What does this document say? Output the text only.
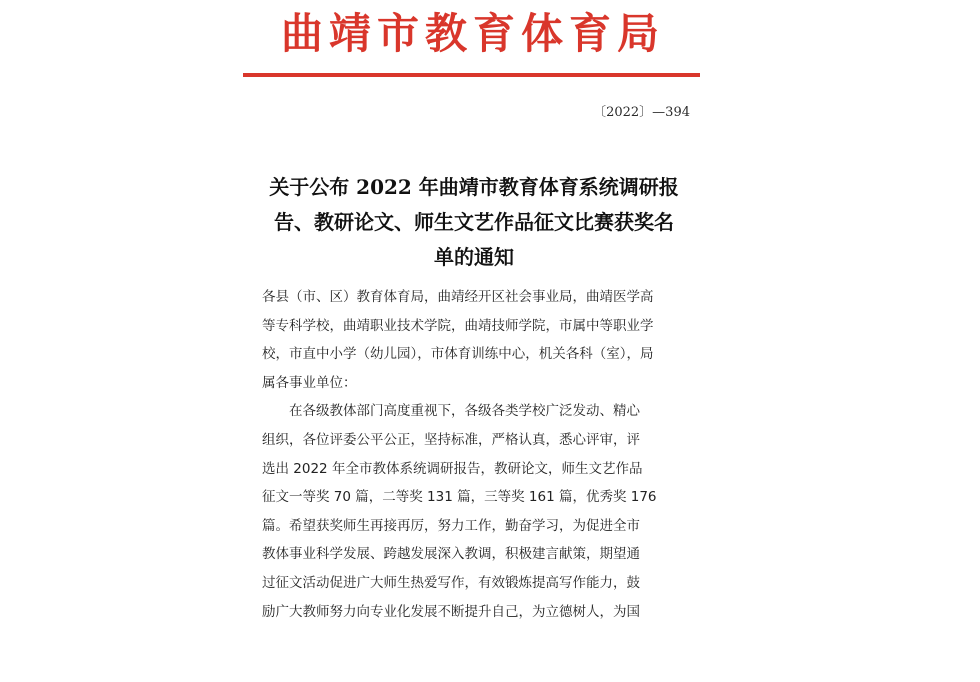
曲靖市教育体育局
〔2022〕—394
关于公布 2022 年曲靖市教育体育系统调研报
告、教研论文、师生文艺作品征文比赛获奖名
单的通知
各县（市、区）教育体育局，曲靖经开区社会事业局，曲靖医学高
等专科学校，曲靖职业技术学院，曲靖技师学院，市属中等职业学
校，市直中小学（幼儿园），市体育训练中心，机关各科（室），局
属各事业单位：
在各级教体部门高度重视下，各级各类学校广泛发动、精心
组织，各位评委公平公正，坚持标准，严格认真，悉心评审，评
选出 2022 年全市教体系统调研报告，教研论文，师生文艺作品
征文一等奖 70 篇，二等奖 131 篇，三等奖 161 篇，优秀奖 176
篇。希望获奖师生再接再厉，努力工作，勤奋学习，为促进全市
教体事业科学发展、跨越发展深入教调，积极建言献策，期望通
过征文活动促进广大师生热爱写作，有效锻炼提高写作能力，鼓
励广大教师努力向专业化发展不断提升自己，为立德树人，为国
